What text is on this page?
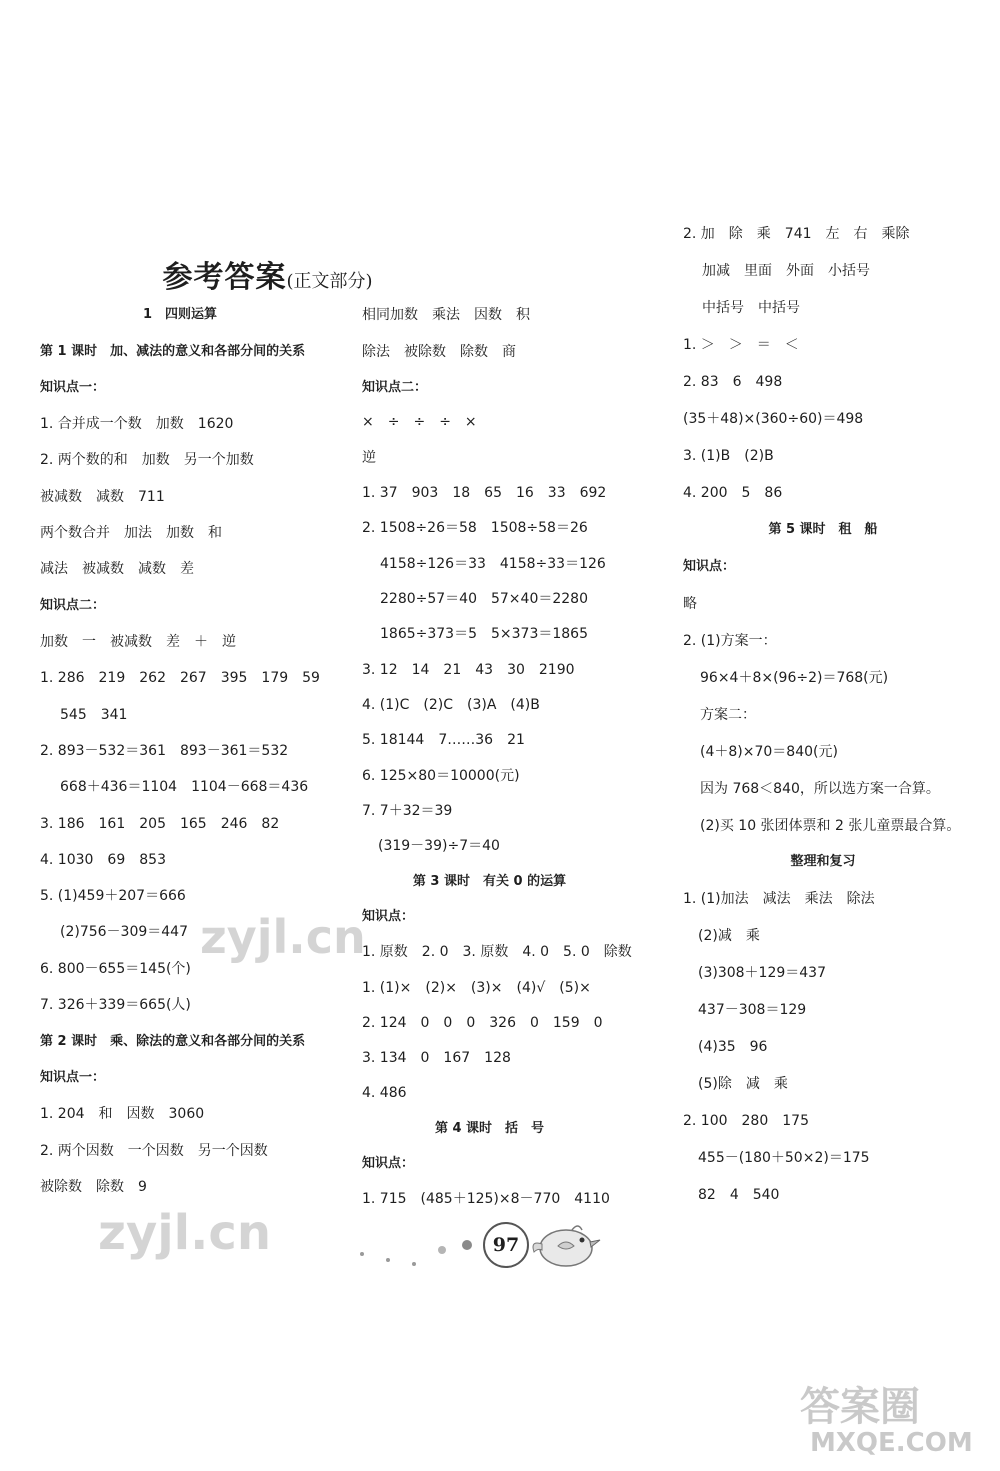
参考答案(正文部分)
1　四则运算
第 1 课时　加、减法的意义和各部分间的关系
知识点一：
1. 合并成一个数　加数　1620
2. 两个数的和　加数　另一个加数
被减数　减数　711
两个数合并　加法　加数　和
减法　被减数　减数　差
知识点二：
加数　一　被减数　差　＋　逆
1. 286　219　262　267　395　179　59
545　341
2. 893－532＝361　893－361＝532
668＋436＝1104　1104－668＝436
3. 186　161　205　165　246　82
4. 1030　69　853
5. (1)459＋207＝666
(2)756－309＝447
6. 800－655＝145(个)
7. 326＋339＝665(人)
第 2 课时　乘、除法的意义和各部分间的关系
知识点一：
1. 204　和　因数　3060
2. 两个因数　一个因数　另一个因数
被除数　除数　9
相同加数　乘法　因数　积
除法　被除数　除数　商
知识点二：
×　÷　÷　÷　×
逆
1. 37　903　18　65　16　33　692
2. 1508÷26＝58　1508÷58＝26
4158÷126＝33　4158÷33＝126
2280÷57＝40　57×40＝2280
1865÷373＝5　5×373＝1865
3. 12　14　21　43　30　2190
4. (1)C　(2)C　(3)A　(4)B
5. 18144　7……36　21
6. 125×80＝10000(元)
7. 7＋32＝39
(319－39)÷7＝40
第 3 课时　有关 0 的运算
知识点：
1. 原数　2. 0　3. 原数　4. 0　5. 0　除数
1. (1)×　(2)×　(3)×　(4)√　(5)×
2. 124　0　0　0　326　0　159　0
3. 134　0　167　128
4. 486
第 4 课时　括　号
知识点：
1. 715　(485＋125)×8－770　4110
2. 加　除　乘　741　左　右　乘除
加减　里面　外面　小括号
中括号　中括号
1. ＞　＞　＝　＜
2. 83　6　498
(35＋48)×(360÷60)＝498
3. (1)B　(2)B
4. 200　5　86
第 5 课时　租　船
知识点：
略
2. (1)方案一：
96×4＋8×(96÷2)＝768(元)
方案二：
(4＋8)×70＝840(元)
因为 768＜840，所以选方案一合算。
(2)买 10 张团体票和 2 张儿童票最合算。
整理和复习
1. (1)加法　减法　乘法　除法
(2)减　乘
(3)308＋129＝437
437－308＝129
(4)35　96
(5)除　减　乘
2. 100　280　175
455－(180＋50×2)＝175
82　4　540
zyjl.cn
zyjl.cn
答案圈
MXQE.COM
97
